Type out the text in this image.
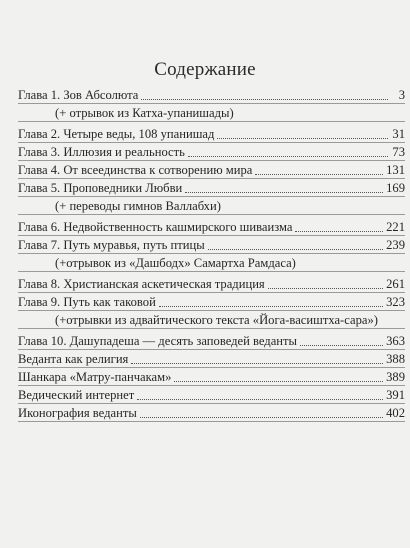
Содержание
Глава 1. Зов Абсолюта	3
(+ отрывок из Катха-упанишады)
Глава 2. Четыре веды, 108 упанишад	31
Глава 3. Иллюзия и реальность	73
Глава 4. От всеединства к сотворению мира	131
Глава 5. Проповедники Любви	169
(+ переводы гимнов Валлабхи)
Глава 6. Недвойственность кашмирского шиваизма	221
Глава 7. Путь муравья, путь птицы	239
(+отрывок из «Дашбодх» Самартха Рамдаса)
Глава 8. Христианская аскетическая традиция	261
Глава 9. Путь как таковой	323
(+отрывки из адвайтического текста «Йога-васиштха-сара»)
Глава 10. Дашупадеша — десять заповедей веданты	363
Веданта как религия	388
Шанкара «Матру-панчакам»	389
Ведический интернет	391
Иконография веданты	402
